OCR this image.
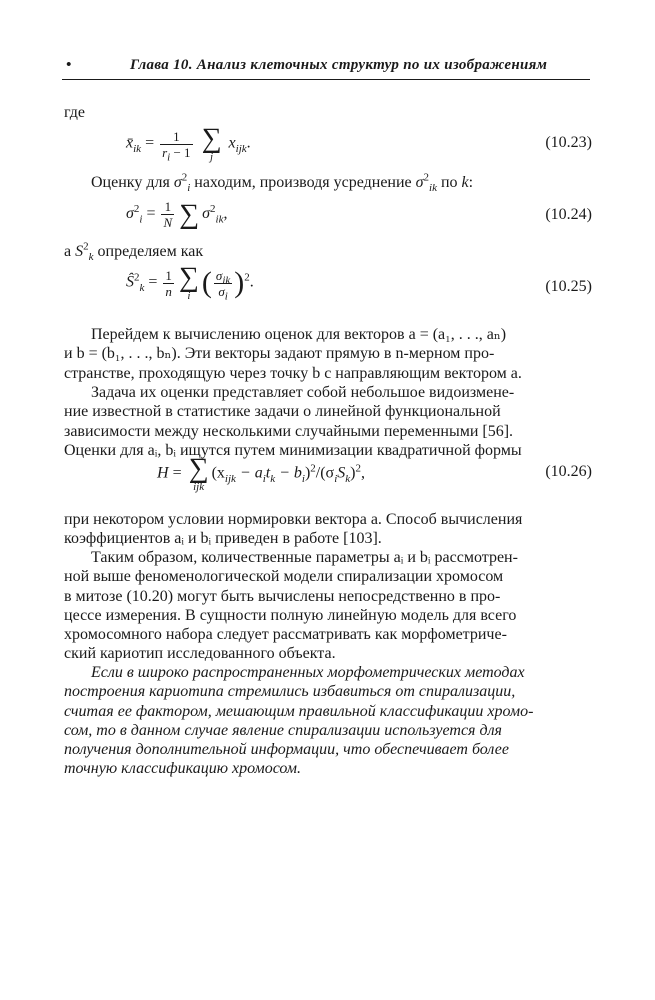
•	Глава 10. Анализ клеточных структур по их изображениям
где
$x̄_{ik} = \frac{1}{r_i - 1}$
∑
j
$x_{ijk}$.	(10.23)
Оценку для $\sigma^2_i$ находим, производя усреднение $\sigma^2_{ik}$ по k:
$\sigma^2_i = \frac{1}{N}$ ∑ $\sigma^2_{ik}$,	(10.24)
а $S^2_k$ определяем как
$Ŝ^2_k = \frac{1}{n}$ ∑
i ( $\frac{\sigma_{ik}}{\sigma_i} )^2$.	(10.25)
Перейдем к вычислению оценок для векторов a = (a₁, . . ., aₙ)
и b = (b₁, . . ., bₙ). Эти векторы задают прямую в n-мерном про-
странстве, проходящую через точку b с направляющим вектором a.
Задача их оценки представляет собой небольшое видоизмене-
ние известной в статистике задачи о линейной функциональной
зависимости между несколькими случайными переменными [56].
Оценки для aᵢ, bᵢ ищутся путем минимизации квадратичной формы
H = ∑
ijk
$(x_{ijk} - a_it_k - b_i)^2/(\sigma_iS_k)^2$,	(10.26)
при некотором условии нормировки вектора a. Способ вычисления
коэффициентов aᵢ и bᵢ приведен в работе [103].
Таким образом, количественные параметры aᵢ и bᵢ рассмотрен-
ной выше феноменологической модели спирализации хромосом
в митозе (10.20) могут быть вычислены непосредственно в про-
цессе измерения. В сущности полную линейную модель для всего
хромосомного набора следует рассматривать как морфометриче-
ский кариотип исследованного объекта.
Если в широко распространенных морфометрических методах
построения кариотипа стремились избавиться от спирализации,
считая ее фактором, мешающим правильной классификации хромо-
сом, то в данном случае явление спирализации используется для
получения дополнительной информации, что обеспечивает более
точную классификацию хромосом.
